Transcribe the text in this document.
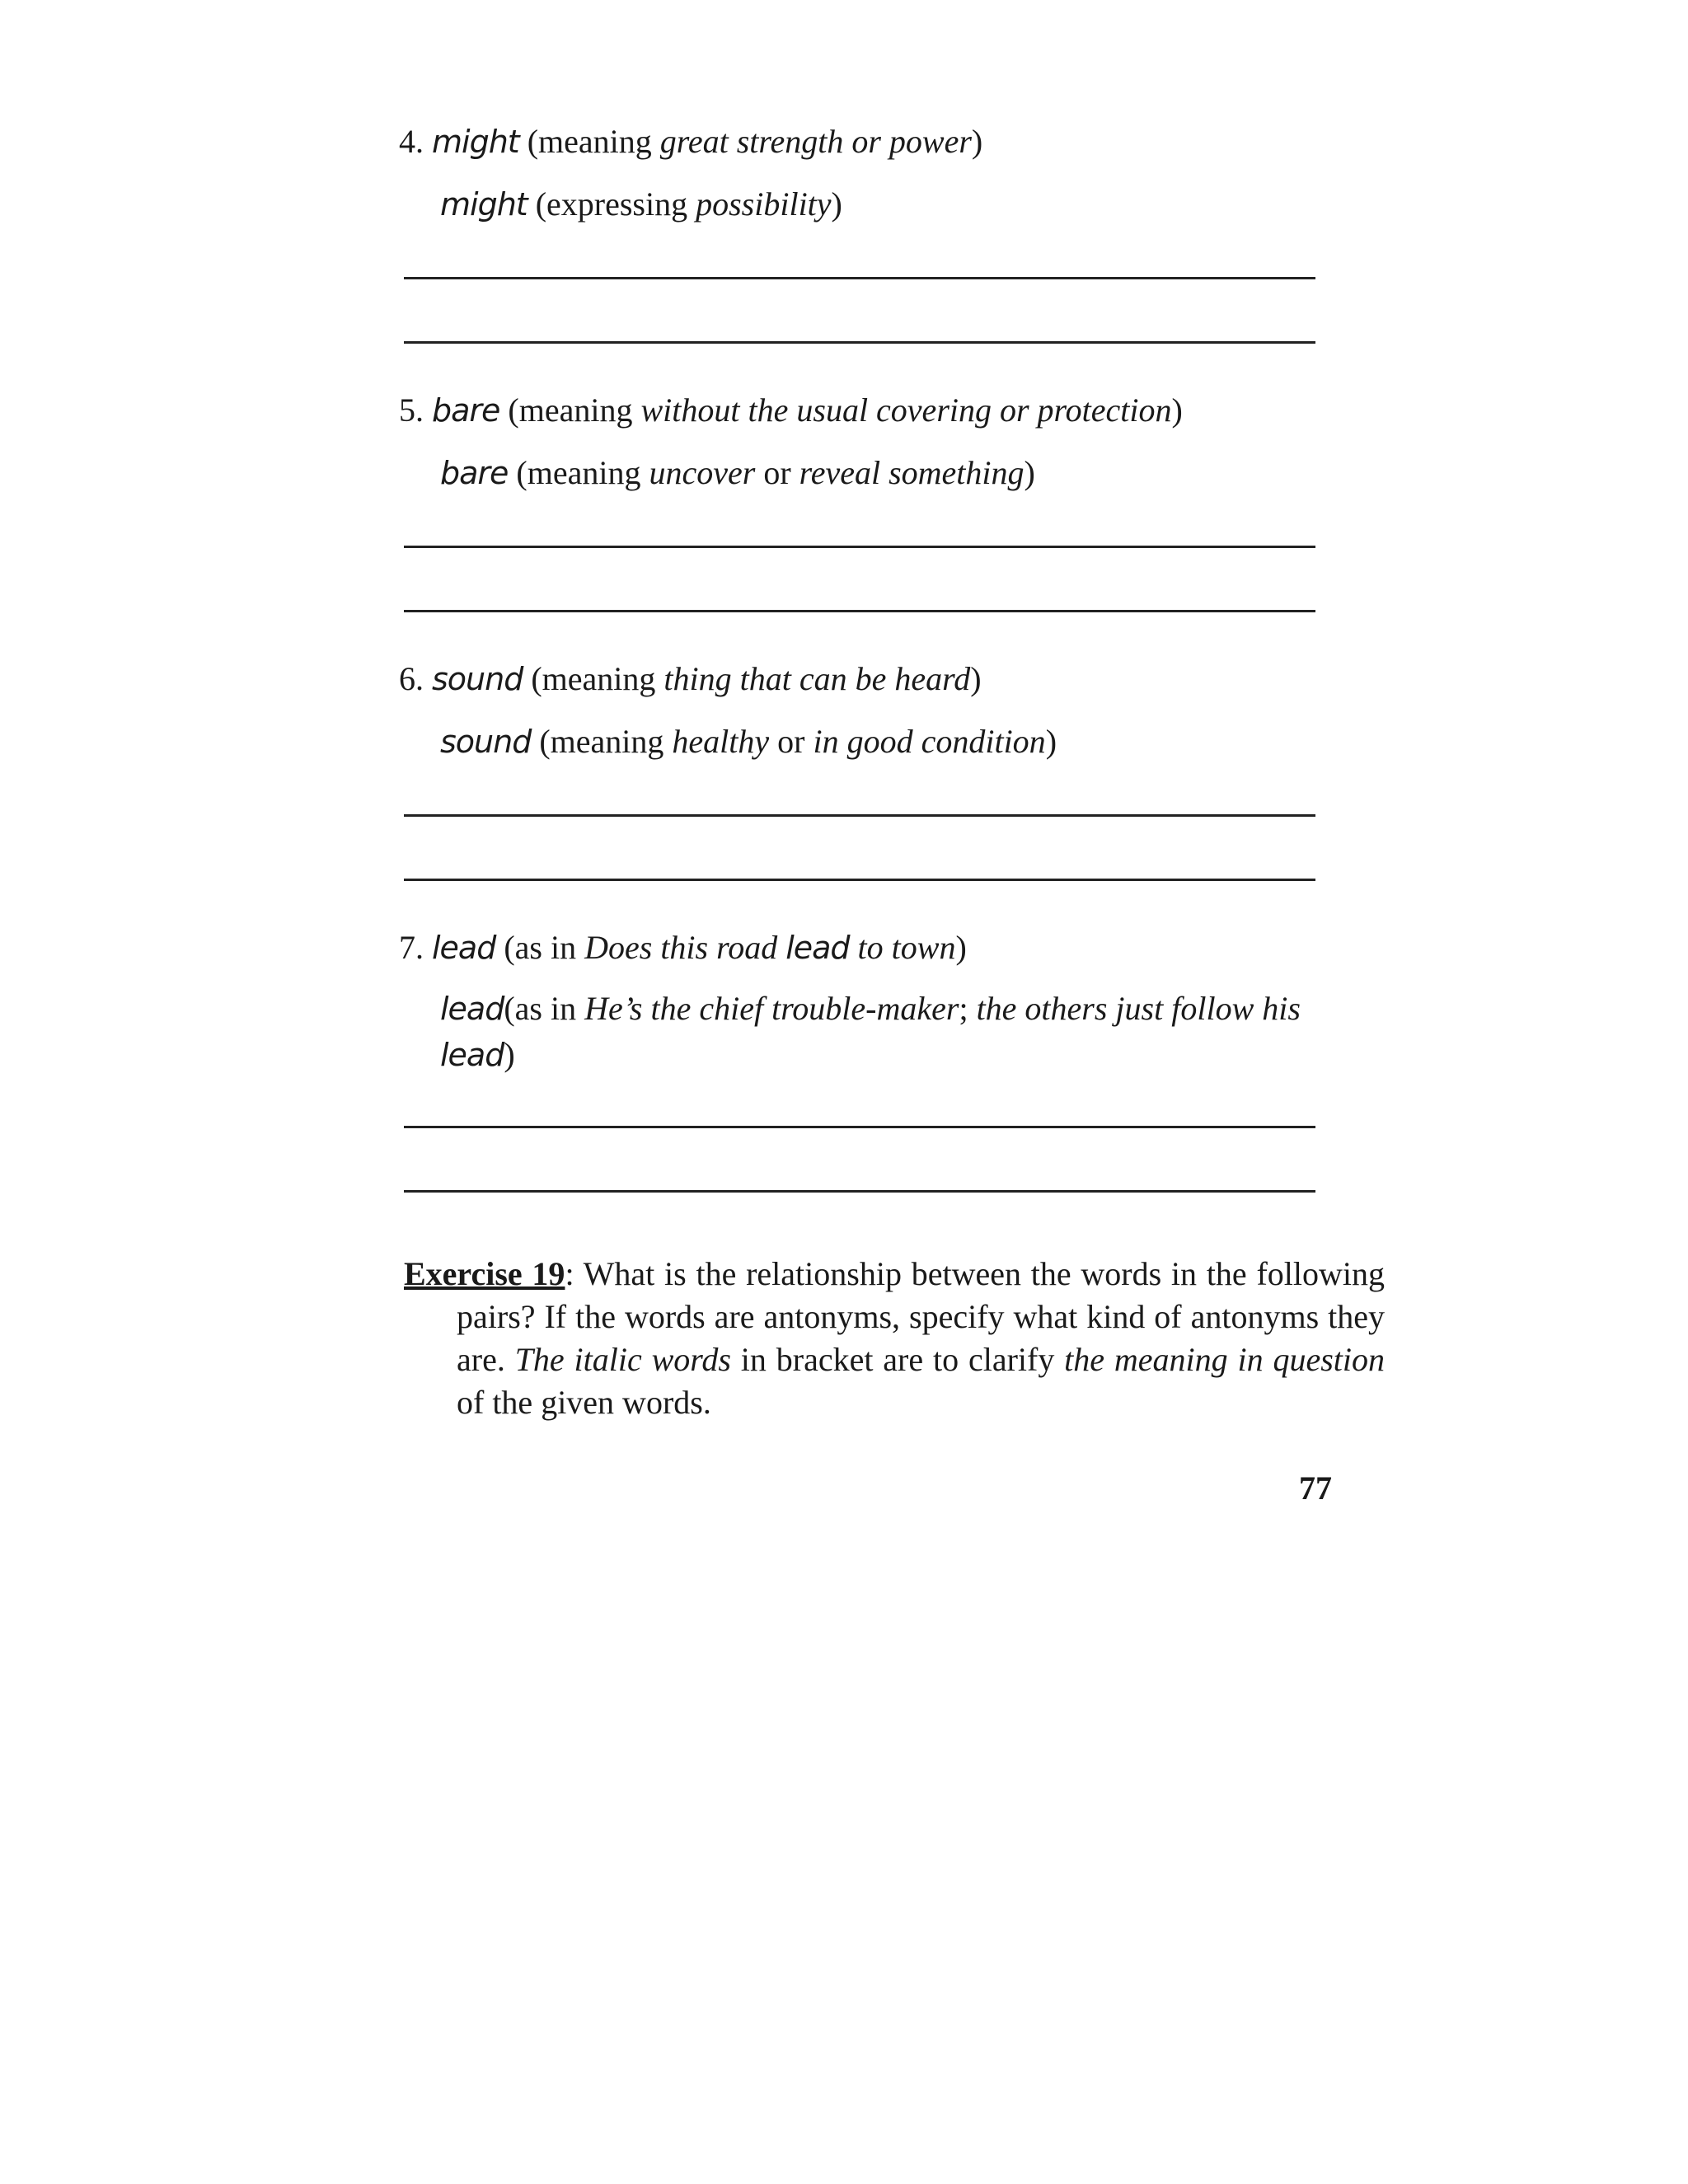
4. might (meaning great strength or power)
might (expressing possibility)
5. bare (meaning without the usual covering or protection)
bare (meaning uncover or reveal something)
6. sound (meaning thing that can be heard)
sound (meaning healthy or in good condition)
7. lead (as in Does this road lead to town)
lead(as in He’s the chief trouble-maker; the others just follow his
lead)
Exercise 19: What is the relationship between the words in the following pairs? If the words are antonyms, specify what kind of antonyms they are. The italic words in bracket are to clarify the meaning in question of the given words.
77
